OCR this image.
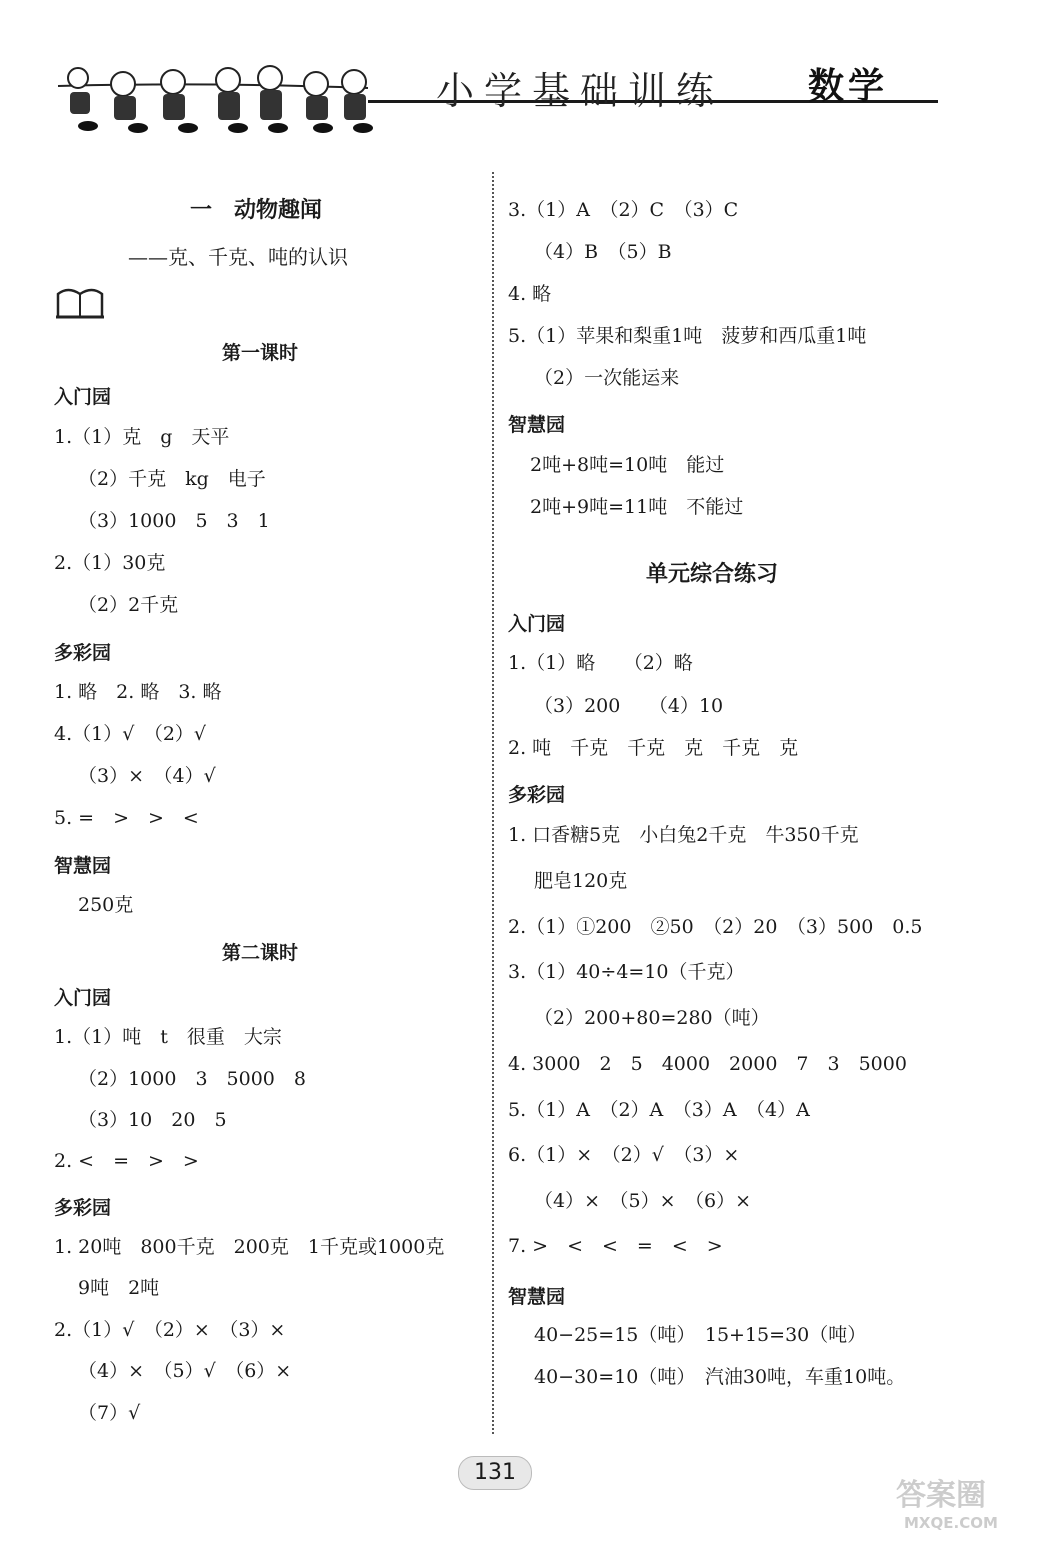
小学基础训练 数学
一　动物趣闻
——克、千克、吨的认识
第一课时
入门园
1.（1）克　g　天平
（2）千克　kg　电子
（3）1000　5　3　1
2.（1）30克
（2）2千克
多彩园
1. 略　2. 略　3. 略
4.（1）√　（2）√
（3）×　（4）√
5. =　>　>　<
智慧园
250克
第二课时
入门园
1.（1）吨　t　很重　大宗
（2）1000　3　5000　8
（3）10　20　5
2. <　=　>　>
多彩园
1. 20吨　800千克　200克　1千克或1000克
9吨　2吨
2.（1）√　（2）×　（3）×
（4）×　（5）√　（6）×
（7）√
3.（1）A　（2）C　（3）C
（4）B　（5）B
4. 略
5.（1）苹果和梨重1吨　菠萝和西瓜重1吨
（2）一次能运来
智慧园
2吨+8吨=10吨　能过
2吨+9吨=11吨　不能过
单元综合练习
入门园
1.（1）略　　（2）略
（3）200　　（4）10
2. 吨　千克　千克　克　千克　克
多彩园
1. 口香糖5克　小白兔2千克　牛350千克
肥皂120克
2.（1）①200　②50　（2）20　（3）500　0.5
3.（1）40÷4=10（千克）
（2）200+80=280（吨）
4. 3000　2　5　4000　2000　7　3　5000
5.（1）A　（2）A　（3）A　（4）A
6.（1）×　（2）√　（3）×
（4）×　（5）×　（6）×
7. >　<　<　=　<　>
智慧园
40−25=15（吨）　15+15=30（吨）
40−30=10（吨）　汽油30吨，车重10吨。
131
答案圈
MXQE.COM
